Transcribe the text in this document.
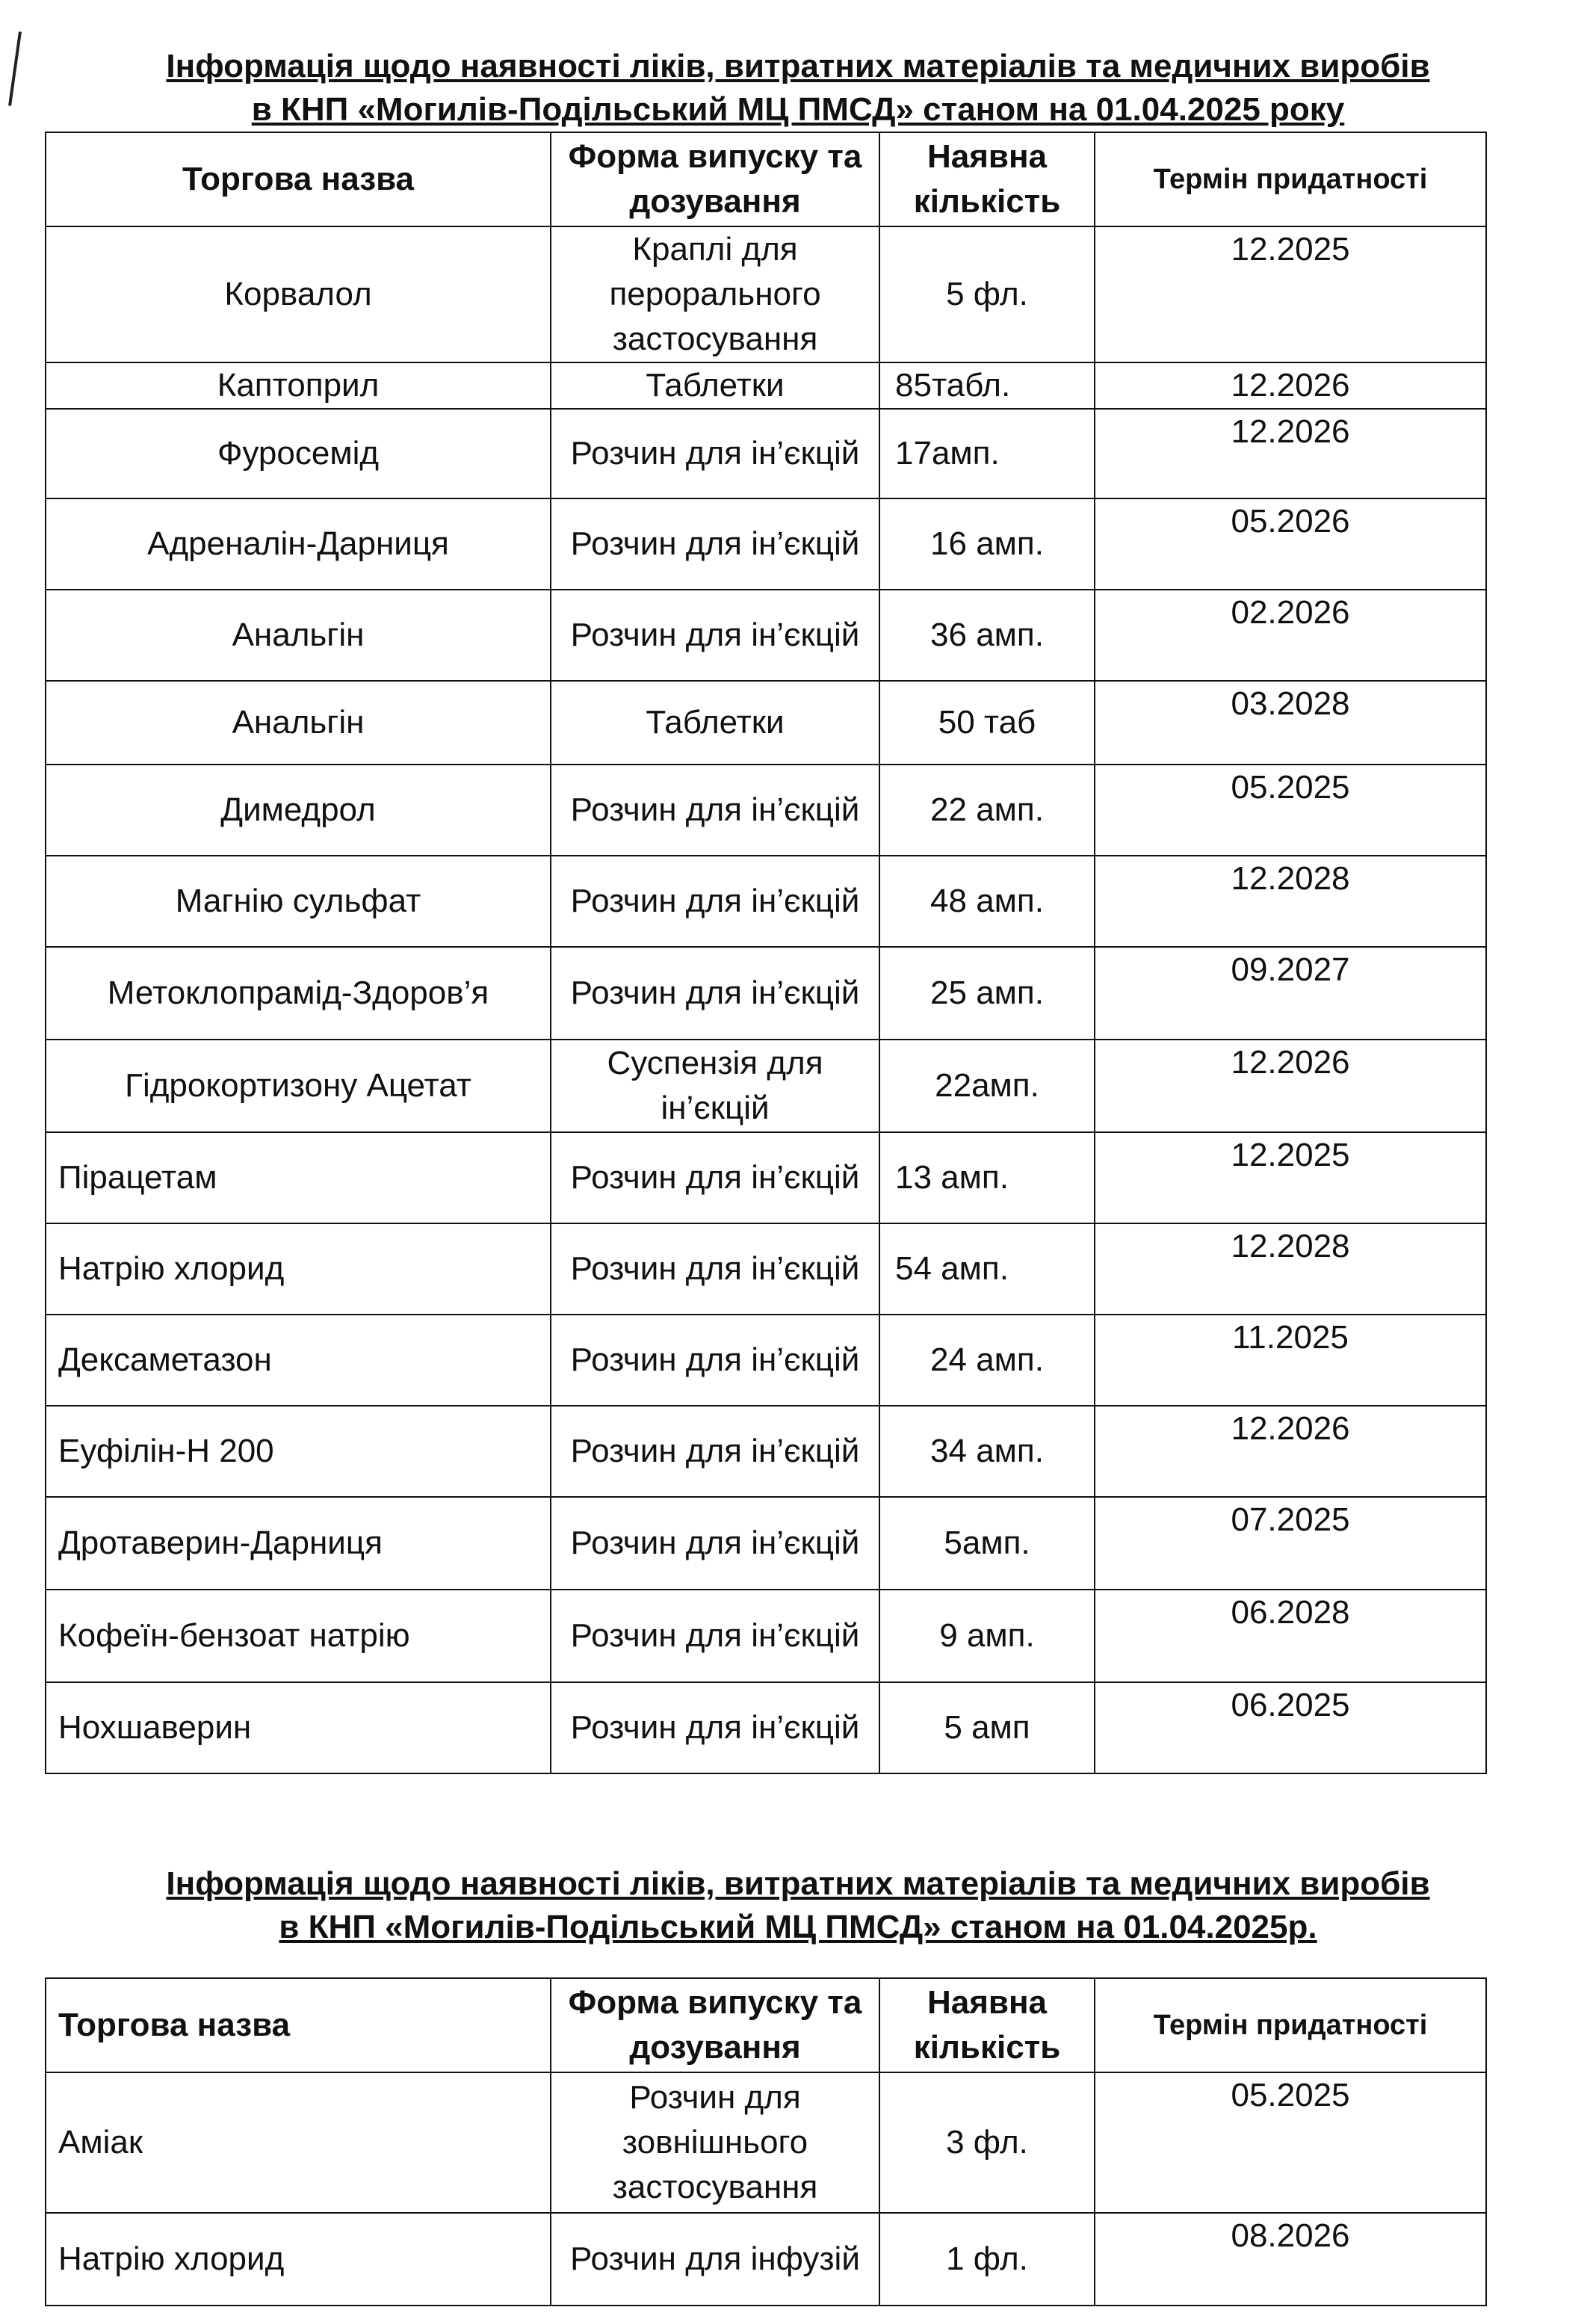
Інформація щодо наявності ліків, витратних матеріалів та медичних виробів
в КНП «Могилів-Подільський МЦ ПМСД» станом на 01.04.2025 року
Торгова назва	Форма випуску та дозування	Наявна кількість	Термін придатності
Корвалол	Краплі для перорального застосування	5 фл.	12.2025
Каптоприл	Таблетки	85табл.	12.2026
Фуросемід	Розчин для ін’єкцій	17амп.	12.2026
Адреналін-Дарниця	Розчин для ін’єкцій	16 амп.	05.2026
Анальгін	Розчин для ін’єкцій	36 амп.	02.2026
Анальгін	Таблетки	50 таб	03.2028
Димедрол	Розчин для ін’єкцій	22 амп.	05.2025
Магнію сульфат	Розчин для ін’єкцій	48 амп.	12.2028
Метоклопрамід-Здоров’я	Розчин для ін’єкцій	25 амп.	09.2027
Гідрокортизону Ацетат	Суспензія для ін’єкцій	22амп.	12.2026
Пірацетам	Розчин для ін’єкцій	13 амп.	12.2025
Натрію хлорид	Розчин для ін’єкцій	54 амп.	12.2028
Дексаметазон	Розчин для ін’єкцій	24 амп.	11.2025
Еуфілін-Н 200	Розчин для ін’єкцій	34 амп.	12.2026
Дротаверин-Дарниця	Розчин для ін’єкцій	5амп.	07.2025
Кофеїн-бензоат натрію	Розчин для ін’єкцій	9 амп.	06.2028
Нохшаверин	Розчин для ін’єкцій	5 амп	06.2025
Інформація щодо наявності ліків, витратних матеріалів та медичних виробів
в КНП «Могилів-Подільський МЦ ПМСД» станом на 01.04.2025р.
Торгова назва	Форма випуску та дозування	Наявна кількість	Термін придатності
Аміак	Розчин для зовнішнього застосування	3 фл.	05.2025
Натрію хлорид	Розчин для інфузій	1 фл.	08.2026
